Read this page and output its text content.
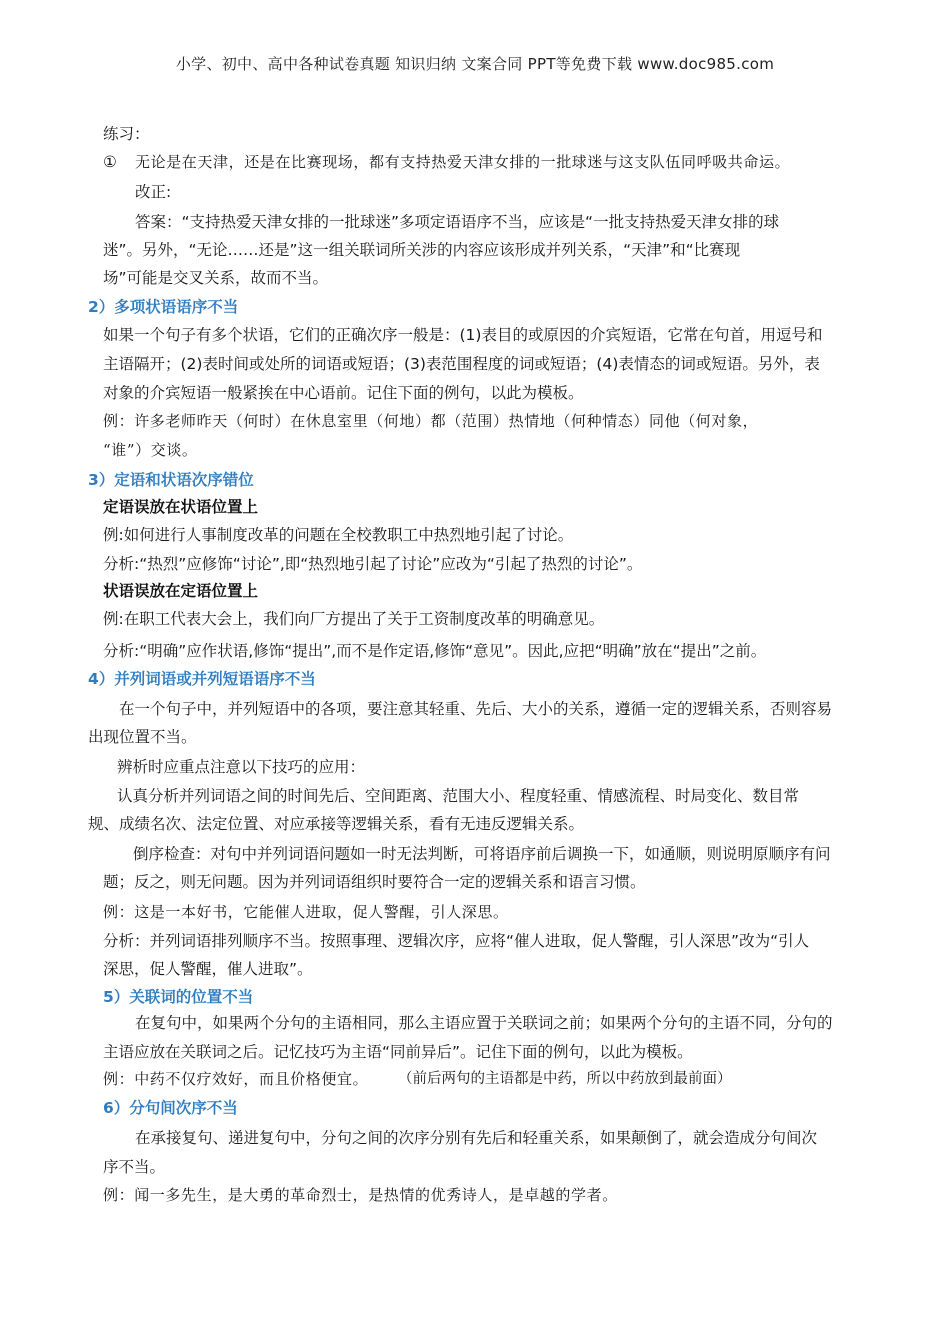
小学、初中、高中各种试卷真题 知识归纳 文案合同 PPT等免费下载 www.doc985.com
练习：
① 无论是在天津，还是在比赛现场，都有支持热爱天津女排的一批球迷与这支队伍同呼吸共命运。
改正:
答案：“支持热爱天津女排的一批球迷”多项定语语序不当，应该是“一批支持热爱天津女排的球
迷”。另外，“无论……还是”这一组关联词所关涉的内容应该形成并列关系，“天津”和“比赛现
场”可能是交叉关系，故而不当。
2）多项状语语序不当
如果一个句子有多个状语，它们的正确次序一般是：(1)表目的或原因的介宾短语，它常在句首，用逗号和
主语隔开；(2)表时间或处所的词语或短语；(3)表范围程度的词或短语；(4)表情态的词或短语。另外，表
对象的介宾短语一般紧挨在中心语前。记住下面的例句，以此为模板。
例：许多老师昨天（何时）在休息室里（何地）都（范围）热情地（何种情态）同他（何对象，
“谁”）交谈。
3）定语和状语次序错位
定语误放在状语位置上
例:如何进行人事制度改革的问题在全校教职工中热烈地引起了讨论。
分析:“热烈”应修饰“讨论”,即“热烈地引起了讨论”应改为“引起了热烈的讨论”。
状语误放在定语位置上
例:在职工代表大会上，我们向厂方提出了关于工资制度改革的明确意见。
分析:“明确”应作状语,修饰“提出”,而不是作定语,修饰“意见”。因此,应把“明确”放在“提出”之前。
4）并列词语或并列短语语序不当
在一个句子中，并列短语中的各项，要注意其轻重、先后、大小的关系，遵循一定的逻辑关系，否则容易
出现位置不当。
辨析时应重点注意以下技巧的应用：
认真分析并列词语之间的时间先后、空间距离、范围大小、程度轻重、情感流程、时局变化、数目常
规、成绩名次、法定位置、对应承接等逻辑关系，看有无违反逻辑关系。
倒序检查：对句中并列词语问题如一时无法判断，可将语序前后调换一下，如通顺，则说明原顺序有问
题；反之，则无问题。因为并列词语组织时要符合一定的逻辑关系和语言习惯。
例：这是一本好书，它能催人进取，促人警醒，引人深思。
分析：并列词语排列顺序不当。按照事理、逻辑次序，应将“催人进取，促人警醒，引人深思”改为“引人
深思，促人警醒，催人进取”。
5）关联词的位置不当
在复句中，如果两个分句的主语相同，那么主语应置于关联词之前；如果两个分句的主语不同，分句的
主语应放在关联词之后。记忆技巧为主语“同前异后”。记住下面的例句，以此为模板。
例：中药不仅疗效好，而且价格便宜。 （前后两句的主语都是中药，所以中药放到最前面）
6）分句间次序不当
在承接复句、递进复句中，分句之间的次序分别有先后和轻重关系，如果颠倒了，就会造成分句间次
序不当。
例：闻一多先生，是大勇的革命烈士，是热情的优秀诗人，是卓越的学者。
